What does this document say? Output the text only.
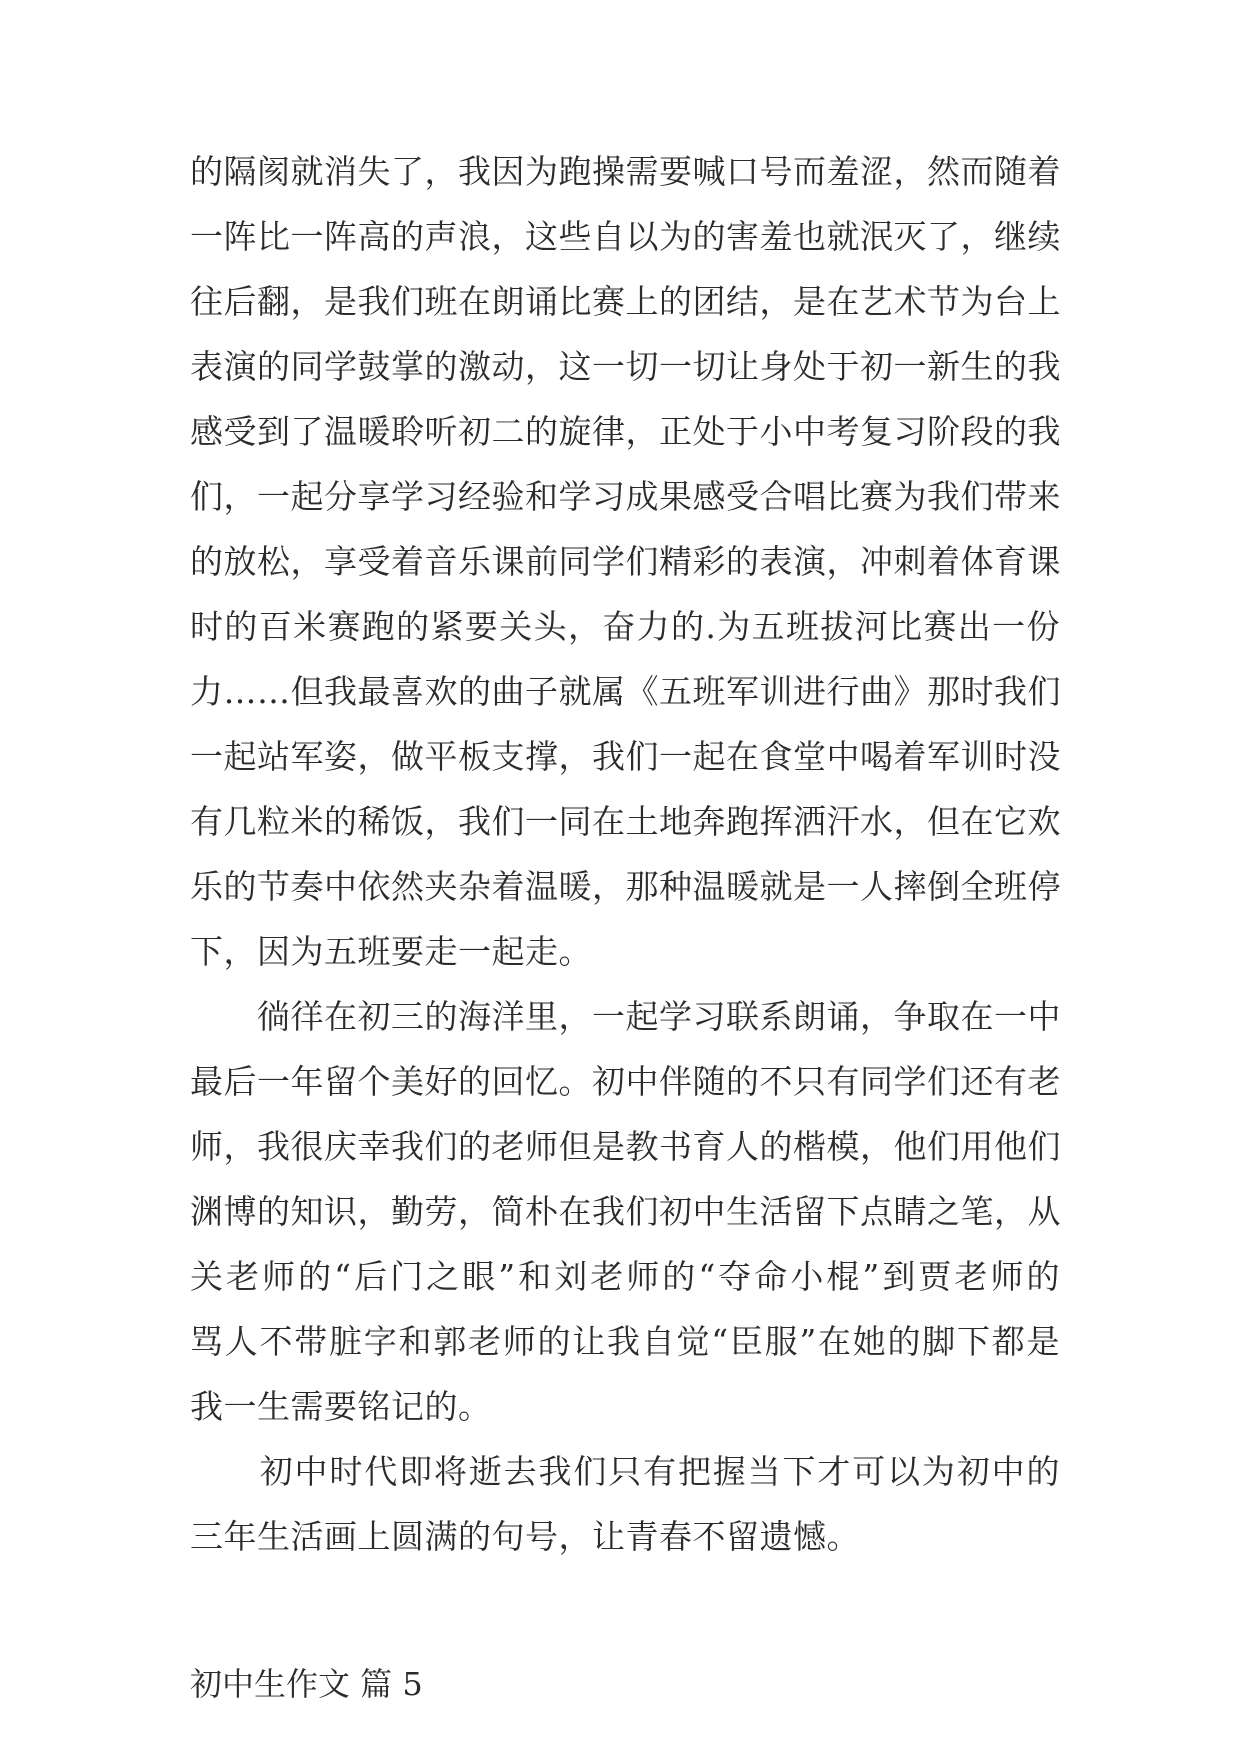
的隔阂就消失了，我因为跑操需要喊口号而羞涩，然而随着
一阵比一阵高的声浪，这些自以为的害羞也就泯灭了，继续
往后翻，是我们班在朗诵比赛上的团结，是在艺术节为台上
表演的同学鼓掌的激动，这一切一切让身处于初一新生的我
感受到了温暖聆听初二的旋律，正处于小中考复习阶段的我
们，一起分享学习经验和学习成果感受合唱比赛为我们带来
的放松，享受着音乐课前同学们精彩的表演，冲刺着体育课
时的百米赛跑的紧要关头，奋力的.为五班拔河比赛出一份
力……但我最喜欢的曲子就属《五班军训进行曲》那时我们
一起站军姿，做平板支撑，我们一起在食堂中喝着军训时没
有几粒米的稀饭，我们一同在土地奔跑挥洒汗水，但在它欢
乐的节奏中依然夹杂着温暖，那种温暖就是一人摔倒全班停
下，因为五班要走一起走。
　　徜徉在初三的海洋里，一起学习联系朗诵，争取在一中
最后一年留个美好的回忆。初中伴随的不只有同学们还有老
师，我很庆幸我们的老师但是教书育人的楷模，他们用他们
渊博的知识，勤劳，简朴在我们初中生活留下点睛之笔，从
关老师的“后门之眼”和刘老师的“夺命小棍”到贾老师的
骂人不带脏字和郭老师的让我自觉“臣服”在她的脚下都是
我一生需要铭记的。
　　初中时代即将逝去我们只有把握当下才可以为初中的
三年生活画上圆满的句号，让青春不留遗憾。
初中生作文 篇 5
